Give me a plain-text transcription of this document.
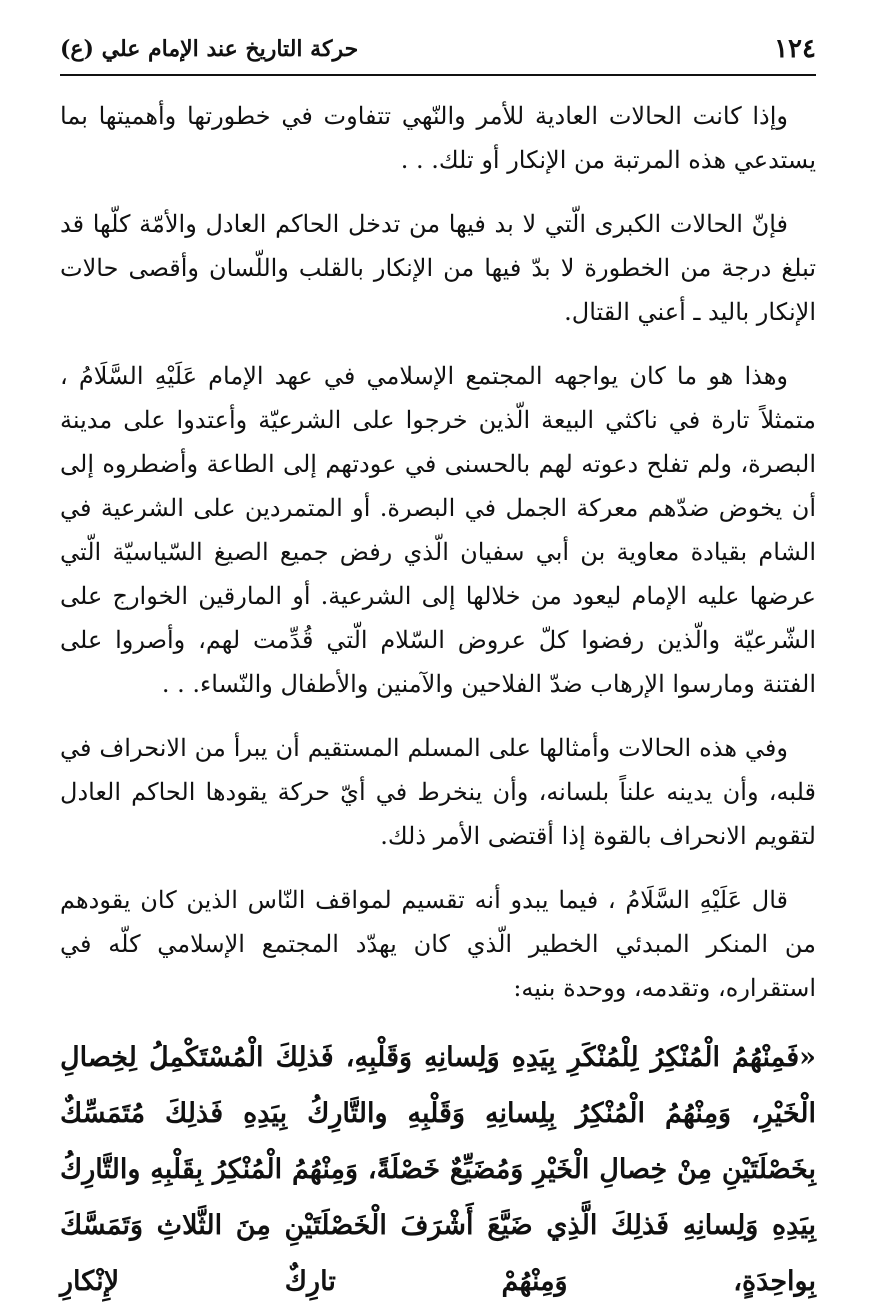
١٢٤
حركة التاريخ عند الإمام علي (ع)

وإذا كانت الحالات العادية للأمر والنّهي تتفاوت في خطورتها وأهميتها بما يستدعي هذه المرتبة من الإنكار أو تلك. . .

فإنّ الحالات الكبرى الّتي لا بد فيها من تدخل الحاكم العادل والأمّة كلّها قد تبلغ درجة من الخطورة لا بدّ فيها من الإنكار بالقلب واللّسان وأقصى حالات الإنكار باليد ـ أعني القتال.

وهذا هو ما كان يواجهه المجتمع الإسلامي في عهد الإمام عَلَيْهِ السَّلَامُ ، متمثلاً تارة في ناكثي البيعة الّذين خرجوا على الشرعيّة وأعتدوا على مدينة البصرة، ولم تفلح دعوته لهم بالحسنى في عودتهم إلى الطاعة وأضطروه إلى أن يخوض ضدّهم معركة الجمل في البصرة. أو المتمردين على الشرعية في الشام بقيادة معاوية بن أبي سفيان الّذي رفض جميع الصيغ السّياسيّة الّتي عرضها عليه الإمام ليعود من خلالها إلى الشرعية. أو المارقين الخوارج على الشّرعيّة والّذين رفضوا كلّ عروض السّلام الّتي قُدِّمت لهم، وأصروا على الفتنة ومارسوا الإرهاب ضدّ الفلاحين والآمنين والأطفال والنّساء. . .

وفي هذه الحالات وأمثالها على المسلم المستقيم أن يبرأ من الانحراف في قلبه، وأن يدينه علناً بلسانه، وأن ينخرط في أيّ حركة يقودها الحاكم العادل لتقويم الانحراف بالقوة إذا أقتضى الأمر ذلك.

قال عَلَيْهِ السَّلَامُ ، فيما يبدو أنه تقسيم لمواقف النّاس الذين كان يقودهم من المنكر المبدئي الخطير الّذي كان يهدّد المجتمع الإسلامي كلّه في استقراره، وتقدمه، ووحدة بنيه:

«فَمِنْهُمُ الْمُنْكِرُ لِلْمُنْكَرِ بِيَدِهِ وَلِسانِهِ وَقَلْبِهِ، فَذلِكَ الْمُسْتَكْمِلُ لِخِصالِ الْخَيْرِ، وَمِنْهُمُ الْمُنْكِرُ بِلِسانِهِ وَقَلْبِهِ والتَّارِكُ بِيَدِهِ فَذلِكَ مُتَمَسِّكٌ بِخَصْلَتَيْنِ مِنْ خِصالِ الْخَيْرِ وَمُضَيِّعٌ خَصْلَةً، وَمِنْهُمُ الْمُنْكِرُ بِقَلْبِهِ والتَّارِكُ بِيَدِهِ وَلِسانِهِ فَذلِكَ الَّذِي ضَيَّعَ أَشْرَفَ الْخَصْلَتَيْنِ مِنَ الثَّلاثِ وَتَمَسَّكَ بِواحِدَةٍ، وَمِنْهُمْ تارِكٌ لإِنْكارِ
